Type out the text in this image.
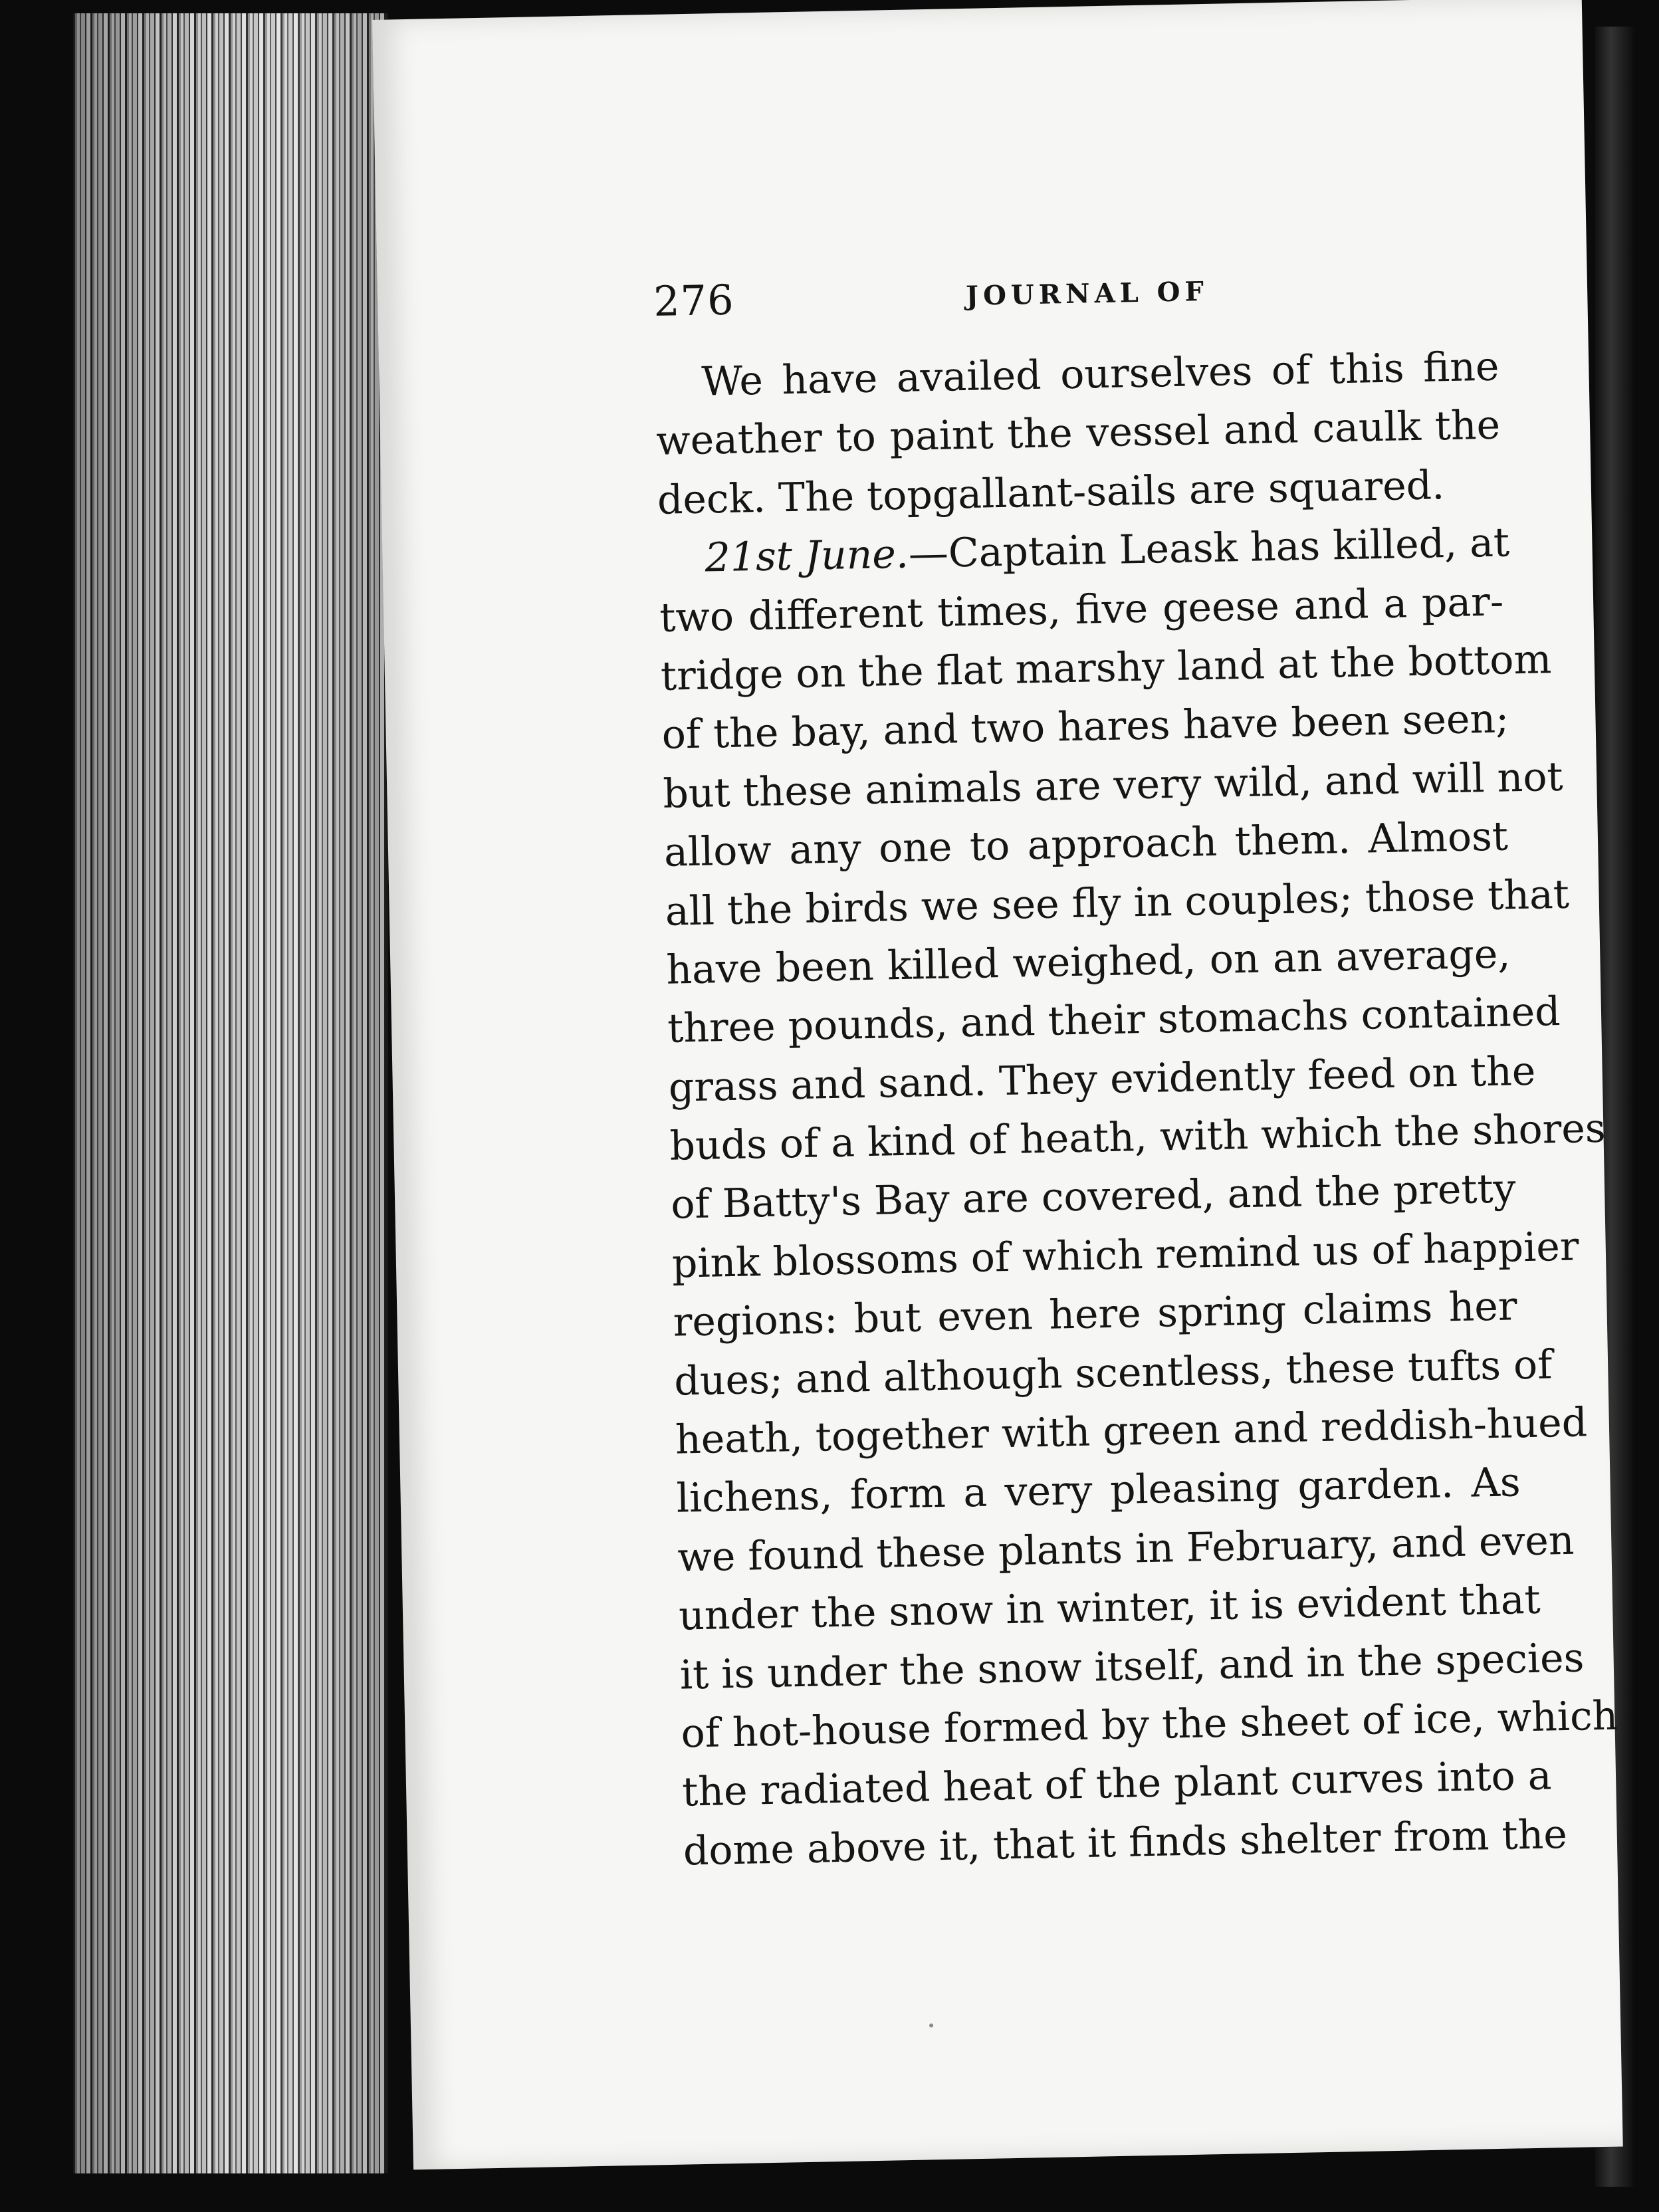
276	JOURNAL OF
We have availed ourselves of this fine
weather to paint the vessel and caulk the
deck. The topgallant-sails are squared.
21st June.—Captain Leask has killed, at
two different times, five geese and a par-
tridge on the flat marshy land at the bottom
of the bay, and two hares have been seen;
but these animals are very wild, and will not
allow any one to approach them. Almost
all the birds we see fly in couples; those that
have been killed weighed, on an average,
three pounds, and their stomachs contained
grass and sand. They evidently feed on the
buds of a kind of heath, with which the shores
of Batty's Bay are covered, and the pretty
pink blossoms of which remind us of happier
regions: but even here spring claims her
dues; and although scentless, these tufts of
heath, together with green and reddish-hued
lichens, form a very pleasing garden. As
we found these plants in February, and even
under the snow in winter, it is evident that
it is under the snow itself, and in the species
of hot-house formed by the sheet of ice, which
the radiated heat of the plant curves into a
dome above it, that it finds shelter from the
